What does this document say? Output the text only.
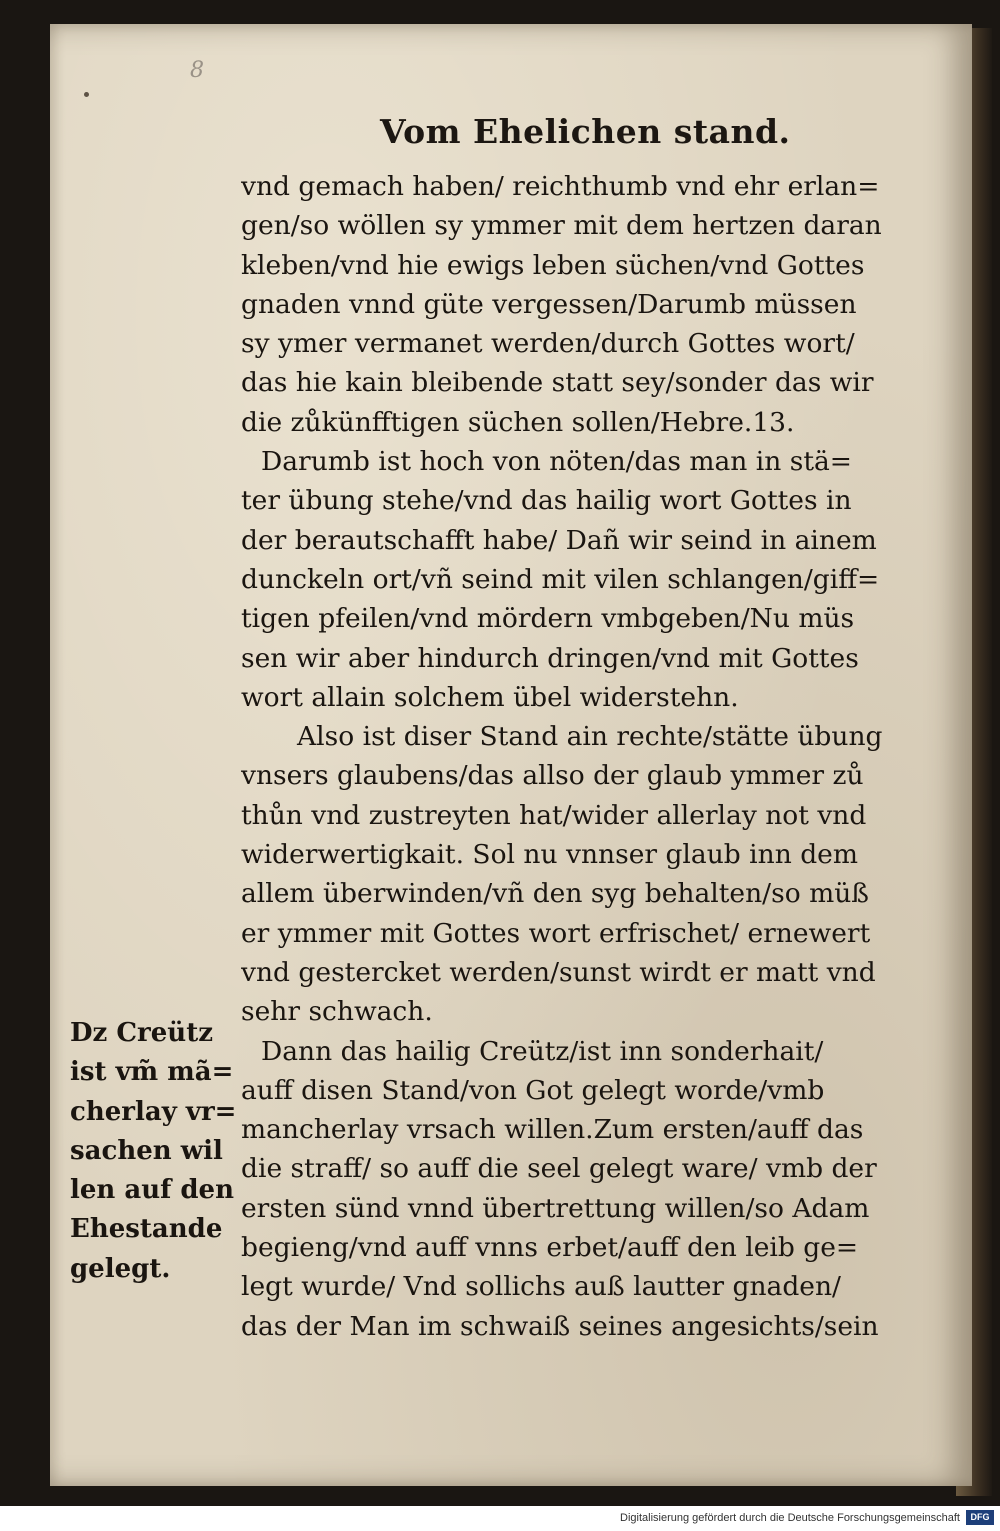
8
Vom Ehelichen stand.
vnd gemach haben/ reichthumb vnd ehr erlan=
gen/so wöllen sy ymmer mit dem hertzen daran
kleben/vnd hie ewigs leben süchen/vnd Gottes
gnaden vnnd güte vergessen/Darumb müssen
sy ymer vermanet werden/durch Gottes wort/
das hie kain bleibende statt sey/sonder das wir
die zůkünfftigen süchen sollen/Hebre.13.
Darumb ist hoch von nöten/das man in stä=
ter übung stehe/vnd das hailig wort Gottes in
der berautschafft habe/ Dañ wir seind in ainem
dunckeln ort/vñ seind mit vilen schlangen/giff=
tigen pfeilen/vnd mördern vmbgeben/Nu müs
sen wir aber hindurch dringen/vnd mit Gottes
wort allain solchem übel widerstehn.
Also ist diser Stand ain rechte/stätte übung
vnsers glaubens/das allso der glaub ymmer zů
thůn vnd zustreyten hat/wider allerlay not vnd
widerwertigkait. Sol nu vnnser glaub inn dem
allem überwinden/vñ den syg behalten/so müß
er ymmer mit Gottes wort erfrischet/ ernewert
vnd gestercket werden/sunst wirdt er matt vnd
sehr schwach.
Dann das hailig Creütz/ist inn sonderhait/
auff disen Stand/von Got gelegt worde/vmb
mancherlay vrsach willen.Zum ersten/auff das
die straff/ so auff die seel gelegt ware/ vmb der
ersten sünd vnnd übertrettung willen/so Adam
begieng/vnd auff vnns erbet/auff den leib ge=
legt wurde/ Vnd sollichs auß lautter gnaden/
das der Man im schwaiß seines angesichts/sein
Dz Creütz
ist vm̃ mã=
cherlay vr=
sachen wil
len auf den
Ehestande
gelegt.
Digitalisierung gefördert durch die Deutsche Forschungsgemeinschaft	DFG
